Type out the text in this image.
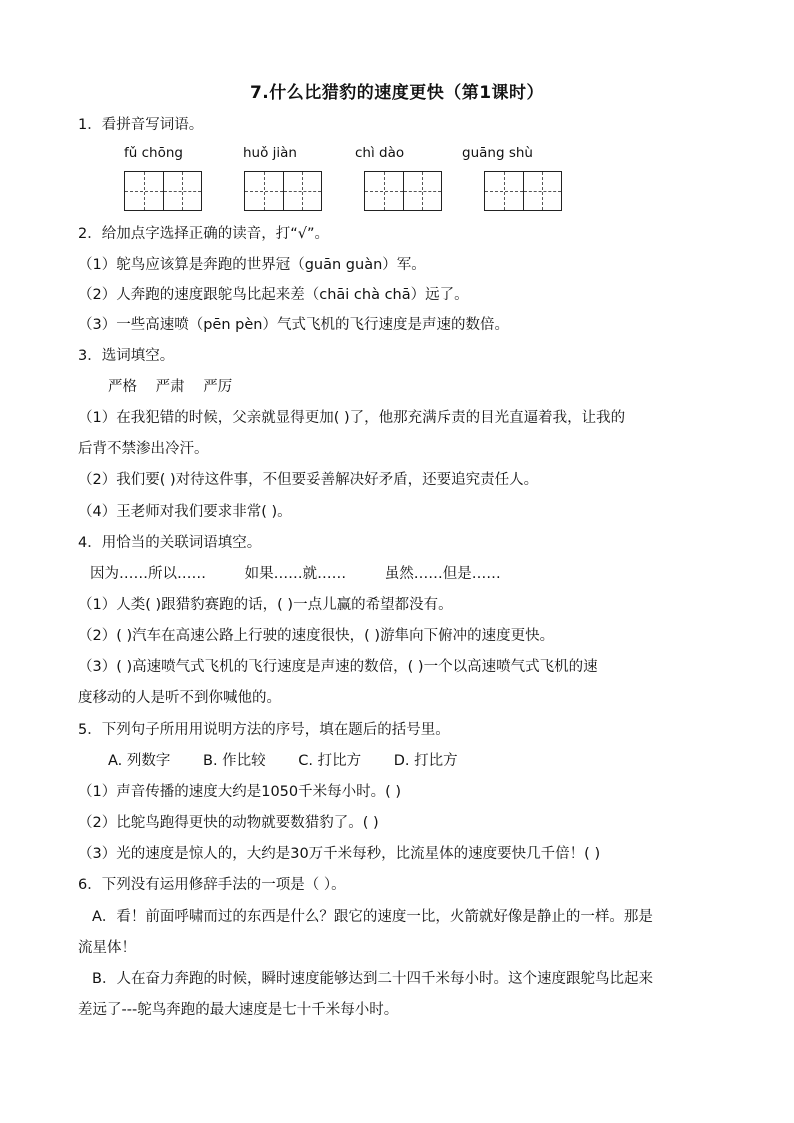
7.什么比猎豹的速度更快（第1课时）
1．看拼音写词语。
fǔ chōng	huǒ jiàn	chì dào	guāng shù
2．给加点字选择正确的读音，打“√”。
（1）鸵鸟应该算是奔跑的世界冠（guān guàn）军。
（2）人奔跑的速度跟鸵鸟比起来差（chāi chà chā）远了。
（3）一些高速喷（pēn pèn）气式飞机的飞行速度是声速的数倍。
3．选词填空。
严格 严肃 严厉
（1）在我犯错的时候，父亲就显得更加( )了，他那充满斥责的目光直逼着我，让我的
后背不禁渗出冷汗。
（2）我们要( )对待这件事，不但要妥善解决好矛盾，还要追究责任人。
（4）王老师对我们要求非常( )。
4．用恰当的关联词语填空。
因为……所以……	如果……就……	虽然……但是……
（1）人类( )跟猎豹赛跑的话，( )一点儿赢的希望都没有。
（2）( )汽车在高速公路上行驶的速度很快，( )游隼向下俯冲的速度更快。
（3）( )高速喷气式飞机的飞行速度是声速的数倍，( )一个以高速喷气式飞机的速
度移动的人是听不到你喊他的。
5．下列句子所用用说明方法的序号，填在题后的括号里。
A. 列数字 B. 作比较 C. 打比方 D. 打比方
（1）声音传播的速度大约是1050千米每小时。( )
（2）比鸵鸟跑得更快的动物就要数猎豹了。( )
（3）光的速度是惊人的，大约是30万千米每秒，比流星体的速度要快几千倍！( )
6．下列没有运用修辞手法的一项是（ ）。
A．看！前面呼啸而过的东西是什么？跟它的速度一比，火箭就好像是静止的一样。那是
流星体！
B．人在奋力奔跑的时候，瞬时速度能够达到二十四千米每小时。这个速度跟鸵鸟比起来
差远了---鸵鸟奔跑的最大速度是七十千米每小时。
